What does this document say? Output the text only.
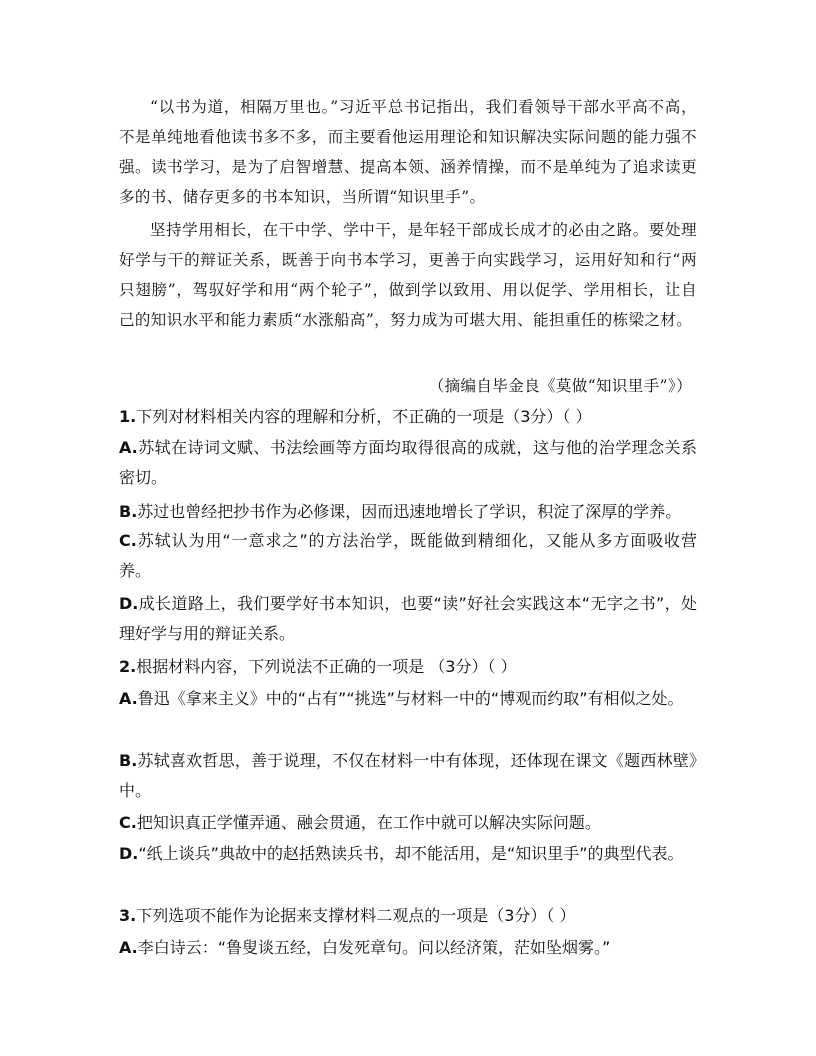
“以书为道，相隔万里也。”习近平总书记指出，我们看领导干部水平高不高，不是单纯地看他读书多不多，而主要看他运用理论和知识解决实际问题的能力强不强。读书学习，是为了启智增慧、提高本领、涵养情操，而不是单纯为了追求读更多的书、储存更多的书本知识，当所谓“知识里手”。

坚持学用相长，在干中学、学中干，是年轻干部成长成才的必由之路。要处理好学与干的辩证关系，既善于向书本学习，更善于向实践学习，运用好知和行“两只翅膀”，驾驭好学和用“两个轮子”，做到学以致用、用以促学、学用相长，让自己的知识水平和能力素质“水涨船高”，努力成为可堪大用、能担重任的栋梁之材。

（摘编自毕金良《莫做“知识里手”》）

1.下列对材料相关内容的理解和分析，不正确的一项是（3分）（ ）

A.苏轼在诗词文赋、书法绘画等方面均取得很高的成就，这与他的治学理念关系密切。

B.苏过也曾经把抄书作为必修课，因而迅速地增长了学识，积淀了深厚的学养。

C.苏轼认为用“一意求之”的方法治学，既能做到精细化，又能从多方面吸收营养。

D.成长道路上，我们要学好书本知识，也要“读”好社会实践这本“无字之书”，处理好学与用的辩证关系。

2.根据材料内容，下列说法不正确的一项是 （3分）（ ）

A.鲁迅《拿来主义》中的“占有”“挑选”与材料一中的“博观而约取”有相似之处。

B.苏轼喜欢哲思，善于说理，不仅在材料一中有体现，还体现在课文《题西林壁》中。

C.把知识真正学懂弄通、融会贯通，在工作中就可以解决实际问题。

D.“纸上谈兵”典故中的赵括熟读兵书，却不能活用，是“知识里手”的典型代表。

3.下列选项不能作为论据来支撑材料二观点的一项是（3分）（ ）

A.李白诗云：“鲁叟谈五经，白发死章句。问以经济策，茫如坠烟雾。”
